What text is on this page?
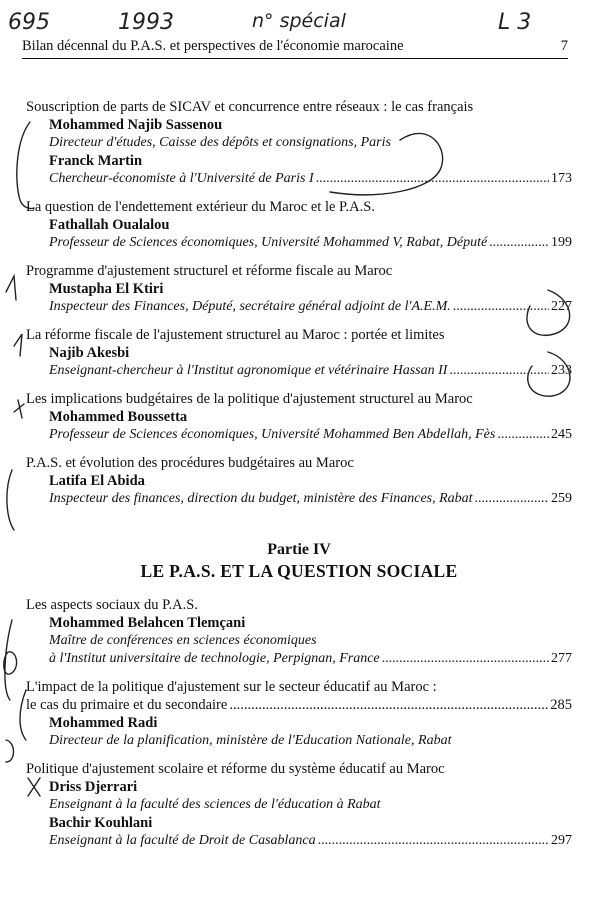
695	1993	n° spécial	L 3
Bilan décennal du P.A.S. et perspectives de l'économie marocaine	7
Souscription de parts de SICAV et concurrence entre réseaux : le cas français
Mohammed Najib Sassenou
Directeur d'études, Caisse des dépôts et consignations, Paris
Franck Martin
Chercheur-économiste à l'Université de Paris I .....	173
La question de l'endettement extérieur du Maroc et le P.A.S.
Fathallah Oualalou
Professeur de Sciences économiques, Université Mohammed V, Rabat, Député .....	199
Programme d'ajustement structurel et réforme fiscale au Maroc
Mustapha El Ktiri
Inspecteur des Finances, Député, secrétaire général adjoint de l'A.E.M. .....	227
La réforme fiscale de l'ajustement structurel au Maroc : portée et limites
Najib Akesbi
Enseignant-chercheur à l'Institut agronomique et vétérinaire Hassan II .....	233
Les implications budgétaires de la politique d'ajustement structurel au Maroc
Mohammed Boussetta
Professeur de Sciences économiques, Université Mohammed Ben Abdellah, Fès .....	245
P.A.S. et évolution des procédures budgétaires au Maroc
Latifa El Abida
Inspecteur des finances, direction du budget, ministère des Finances, Rabat .....	259
Partie IV
LE P.A.S. ET LA QUESTION SOCIALE
Les aspects sociaux du P.A.S.
Mohammed Belahcen Tlemçani
Maître de conférences en sciences économiques
à l'Institut universitaire de technologie, Perpignan, France .....	277
L'impact de la politique d'ajustement sur le secteur éducatif au Maroc :
le cas du primaire et du secondaire .....	285
Mohammed Radi
Directeur de la planification, ministère de l'Education Nationale, Rabat
Politique d'ajustement scolaire et réforme du système éducatif au Maroc
Driss Djerrari
Enseignant à la faculté des sciences de l'éducation à Rabat
Bachir Kouhlani
Enseignant à la faculté de Droit de Casablanca .....	297
